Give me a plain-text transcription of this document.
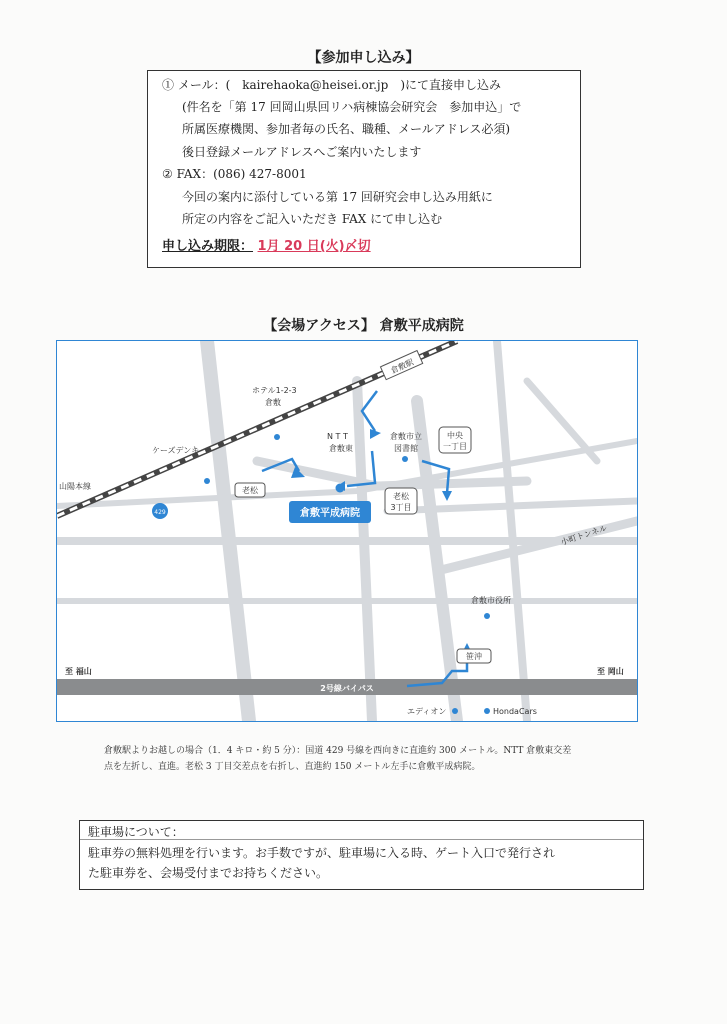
【参加申し込み】
① メール：(　kairehaoka@heisei.or.jp　)にて直接申し込み
(件名を「第 17 回岡山県回リハ病棟協会研究会　参加申込」で
所属医療機関、参加者毎の氏名、職種、メールアドレス必須)
後日登録メールアドレスへご案内いたします
② FAX：(086) 427-8001
今回の案内に添付している第 17 回研究会申し込み用紙に
所定の内容をご記入いただき FAX にて申し込む
申し込み期限： 1月 20 日(火)〆切
【会場アクセス】 倉敷平成病院
429
倉敷駅
ホテル1-2-3
倉敷
N T T
倉敷東
倉敷市立
図書館
中央
一丁目
ケーズデンキ
山陽本線	老松
老松
3丁目
倉敷平成病院
小町トンネル
倉敷市役所
笹沖
至 福山	至 岡山
2号線バイパス
エディオン	HondaCars
倉敷駅よりお越しの場合（1．4 キロ・約 5 分）：国道 429 号線を西向きに直進約 300 メートル。NTT 倉敷東交差
点を左折し、直進。老松 3 丁目交差点を右折し、直進約 150 メートル左手に倉敷平成病院。
駐車場について：
駐車券の無料処理を行います。お手数ですが、駐車場に入る時、ゲート入口で発行され
た駐車券を、会場受付までお持ちください。
